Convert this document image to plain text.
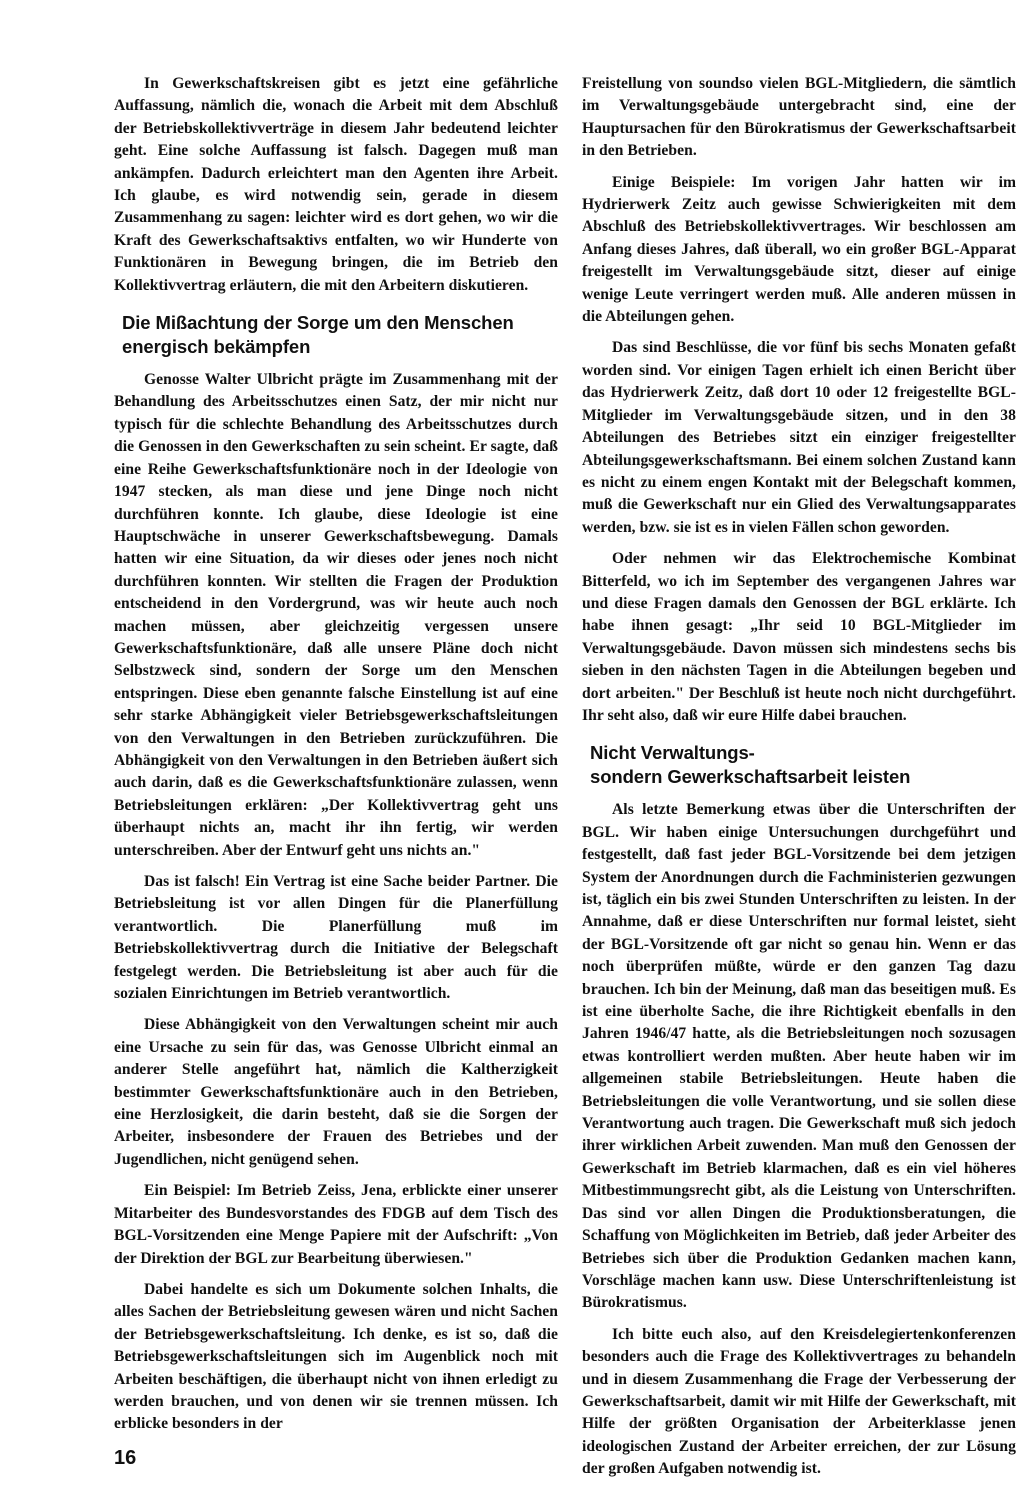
In Gewerkschaftskreisen gibt es jetzt eine gefährliche Auffassung, nämlich die, wonach die Arbeit mit dem Abschluß der Betriebskollektivverträge in diesem Jahr bedeutend leichter geht. Eine solche Auffassung ist falsch. Dagegen muß man ankämpfen. Dadurch erleichtert man den Agenten ihre Arbeit. Ich glaube, es wird notwendig sein, gerade in diesem Zusammenhang zu sagen: leichter wird es dort gehen, wo wir die Kraft des Gewerkschaftsaktivs entfalten, wo wir Hunderte von Funktionären in Bewegung bringen, die im Betrieb den Kollektivvertrag erläutern, die mit den Arbeitern diskutieren.

Die Mißachtung der Sorge um den Menschen
energisch bekämpfen

Genosse Walter Ulbricht prägte im Zusammenhang mit der Behandlung des Arbeitsschutzes einen Satz, der mir nicht nur typisch für die schlechte Behandlung des Arbeitsschutzes durch die Genossen in den Gewerkschaften zu sein scheint. Er sagte, daß eine Reihe Gewerkschaftsfunktionäre noch in der Ideologie von 1947 stecken, als man diese und jene Dinge noch nicht durchführen konnte. Ich glaube, diese Ideologie ist eine Hauptschwäche in unserer Gewerkschaftsbewegung. Damals hatten wir eine Situation, da wir dieses oder jenes noch nicht durchführen konnten. Wir stellten die Fragen der Produktion entscheidend in den Vordergrund, was wir heute auch noch machen müssen, aber gleichzeitig vergessen unsere Gewerkschaftsfunktionäre, daß alle unsere Pläne doch nicht Selbstzweck sind, sondern der Sorge um den Menschen entspringen. Diese eben genannte falsche Einstellung ist auf eine sehr starke Abhängigkeit vieler Betriebsgewerkschaftsleitungen von den Verwaltungen in den Betrieben zurückzuführen. Die Abhängigkeit von den Verwaltungen in den Betrieben äußert sich auch darin, daß es die Gewerkschaftsfunktionäre zulassen, wenn Betriebsleitungen erklären: „Der Kollektivvertrag geht uns überhaupt nichts an, macht ihr ihn fertig, wir werden unterschreiben. Aber der Entwurf geht uns nichts an."

Das ist falsch! Ein Vertrag ist eine Sache beider Partner. Die Betriebsleitung ist vor allen Dingen für die Planerfüllung verantwortlich. Die Planerfüllung muß im Betriebskollektivvertrag durch die Initiative der Belegschaft festgelegt werden. Die Betriebsleitung ist aber auch für die sozialen Einrichtungen im Betrieb verantwortlich.

Diese Abhängigkeit von den Verwaltungen scheint mir auch eine Ursache zu sein für das, was Genosse Ulbricht einmal an anderer Stelle angeführt hat, nämlich die Kaltherzigkeit bestimmter Gewerkschaftsfunktionäre auch in den Betrieben, eine Herzlosigkeit, die darin besteht, daß sie die Sorgen der Arbeiter, insbesondere der Frauen des Betriebes und der Jugendlichen, nicht genügend sehen.

Ein Beispiel: Im Betrieb Zeiss, Jena, erblickte einer unserer Mitarbeiter des Bundesvorstandes des FDGB auf dem Tisch des BGL-Vorsitzenden eine Menge Papiere mit der Aufschrift: „Von der Direktion der BGL zur Bearbeitung überwiesen."

Dabei handelte es sich um Dokumente solchen Inhalts, die alles Sachen der Betriebsleitung gewesen wären und nicht Sachen der Betriebsgewerkschaftsleitung. Ich denke, es ist so, daß die Betriebsgewerkschaftsleitungen sich im Augenblick noch mit Arbeiten beschäftigen, die überhaupt nicht von ihnen erledigt zu werden brauchen, und von denen wir sie trennen müssen. Ich erblicke besonders in der

Freistellung von soundso vielen BGL-Mitgliedern, die sämtlich im Verwaltungsgebäude untergebracht sind, eine der Hauptursachen für den Bürokratismus der Gewerkschaftsarbeit in den Betrieben.

Einige Beispiele: Im vorigen Jahr hatten wir im Hydrierwerk Zeitz auch gewisse Schwierigkeiten mit dem Abschluß des Betriebskollektivvertrages. Wir beschlossen am Anfang dieses Jahres, daß überall, wo ein großer BGL-Apparat freigestellt im Verwaltungsgebäude sitzt, dieser auf einige wenige Leute verringert werden muß. Alle anderen müssen in die Abteilungen gehen.

Das sind Beschlüsse, die vor fünf bis sechs Monaten gefaßt worden sind. Vor einigen Tagen erhielt ich einen Bericht über das Hydrierwerk Zeitz, daß dort 10 oder 12 freigestellte BGL-Mitglieder im Verwaltungsgebäude sitzen, und in den 38 Abteilungen des Betriebes sitzt ein einziger freigestellter Abteilungsgewerkschaftsmann. Bei einem solchen Zustand kann es nicht zu einem engen Kontakt mit der Belegschaft kommen, muß die Gewerkschaft nur ein Glied des Verwaltungsapparates werden, bzw. sie ist es in vielen Fällen schon geworden.

Oder nehmen wir das Elektrochemische Kombinat Bitterfeld, wo ich im September des vergangenen Jahres war und diese Fragen damals den Genossen der BGL erklärte. Ich habe ihnen gesagt: „Ihr seid 10 BGL-Mitglieder im Verwaltungsgebäude. Davon müssen sich mindestens sechs bis sieben in den nächsten Tagen in die Abteilungen begeben und dort arbeiten." Der Beschluß ist heute noch nicht durchgeführt. Ihr seht also, daß wir eure Hilfe dabei brauchen.

Nicht Verwaltungs-
sondern Gewerkschaftsarbeit leisten

Als letzte Bemerkung etwas über die Unterschriften der BGL. Wir haben einige Untersuchungen durchgeführt und festgestellt, daß fast jeder BGL-Vorsitzende bei dem jetzigen System der Anordnungen durch die Fachministerien gezwungen ist, täglich ein bis zwei Stunden Unterschriften zu leisten. In der Annahme, daß er diese Unterschriften nur formal leistet, sieht der BGL-Vorsitzende oft gar nicht so genau hin. Wenn er das noch überprüfen müßte, würde er den ganzen Tag dazu brauchen. Ich bin der Meinung, daß man das beseitigen muß. Es ist eine überholte Sache, die ihre Richtigkeit ebenfalls in den Jahren 1946/47 hatte, als die Betriebsleitungen noch sozusagen etwas kontrolliert werden mußten. Aber heute haben wir im allgemeinen stabile Betriebsleitungen. Heute haben die Betriebsleitungen die volle Verantwortung, und sie sollen diese Verantwortung auch tragen. Die Gewerkschaft muß sich jedoch ihrer wirklichen Arbeit zuwenden. Man muß den Genossen der Gewerkschaft im Betrieb klarmachen, daß es ein viel höheres Mitbestimmungsrecht gibt, als die Leistung von Unterschriften. Das sind vor allen Dingen die Produktionsberatungen, die Schaffung von Möglichkeiten im Betrieb, daß jeder Arbeiter des Betriebes sich über die Produktion Gedanken machen kann, Vorschläge machen kann usw. Diese Unterschriftenleistung ist Bürokratismus.

Ich bitte euch also, auf den Kreisdelegiertenkonferenzen besonders auch die Frage des Kollektivvertrages zu behandeln und in diesem Zusammenhang die Frage der Verbesserung der Gewerkschaftsarbeit, damit wir mit Hilfe der Gewerkschaft, mit Hilfe der größten Organisation der Arbeiterklasse jenen ideologischen Zustand der Arbeiter erreichen, der zur Lösung der großen Aufgaben notwendig ist.

16
